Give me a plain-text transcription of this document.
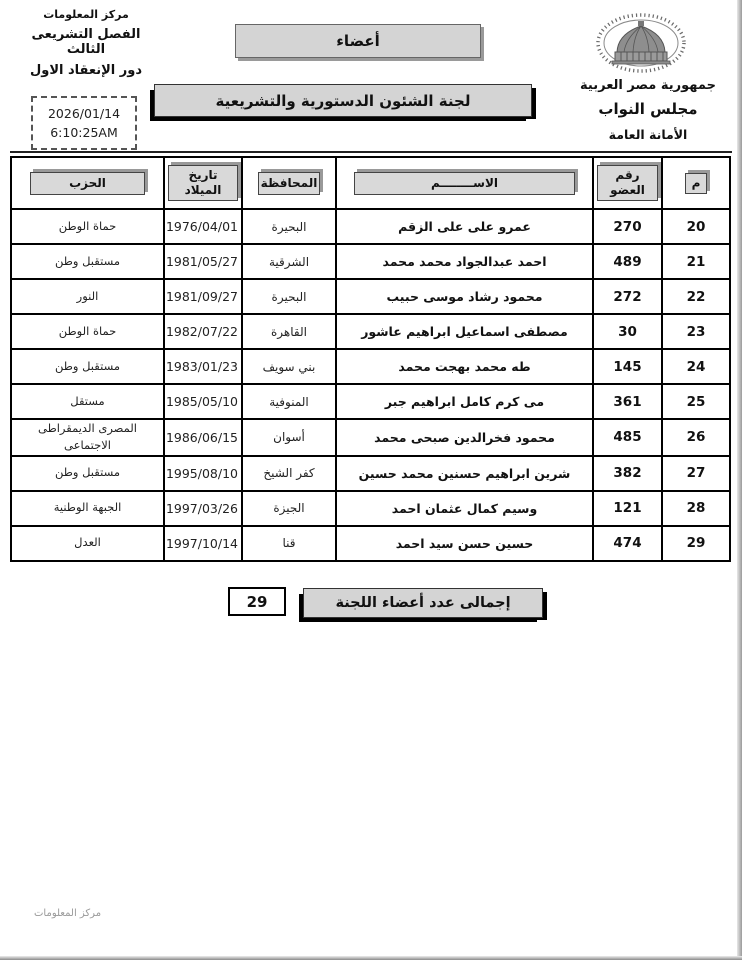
مركز المعلومات
الفصل التشريعى الثالث
دور الإنعقاد الاول
2026/01/14
6:10:25AM
أعضاء
لجنة الشئون الدستورية والتشريعية
جمهورية مصر العربية
مجلس النواب
الأمانة العامة
م	رقم العضو	الاســــــــم	المحافظة	تاريخ الميلاد	الحزب
20	270	عمرو على على الزقم	البحيرة	1976/04/01	حماة الوطن
21	489	احمد عبدالجواد محمد محمد	الشرقية	1981/05/27	مستقبل وطن
22	272	محمود رشاد موسى حبيب	البحيرة	1981/09/27	النور
23	30	مصطفى اسماعيل ابراهيم عاشور	القاهرة	1982/07/22	حماة الوطن
24	145	طه محمد بهجت محمد	بني سويف	1983/01/23	مستقبل وطن
25	361	مى كرم كامل ابراهيم جبر	المنوفية	1985/05/10	مستقل
26	485	محمود فخرالدين صبحى محمد	أسوان	1986/06/15	المصرى الديمقراطى الاجتماعى
27	382	شرين ابراهيم حسنين محمد حسين	كفر الشيخ	1995/08/10	مستقبل وطن
28	121	وسيم كمال عثمان احمد	الجيزة	1997/03/26	الجبهة الوطنية
29	474	حسين حسن سيد احمد	قنا	1997/10/14	العدل
إجمالى عدد أعضاء اللجنة
29
مركز المعلومات
